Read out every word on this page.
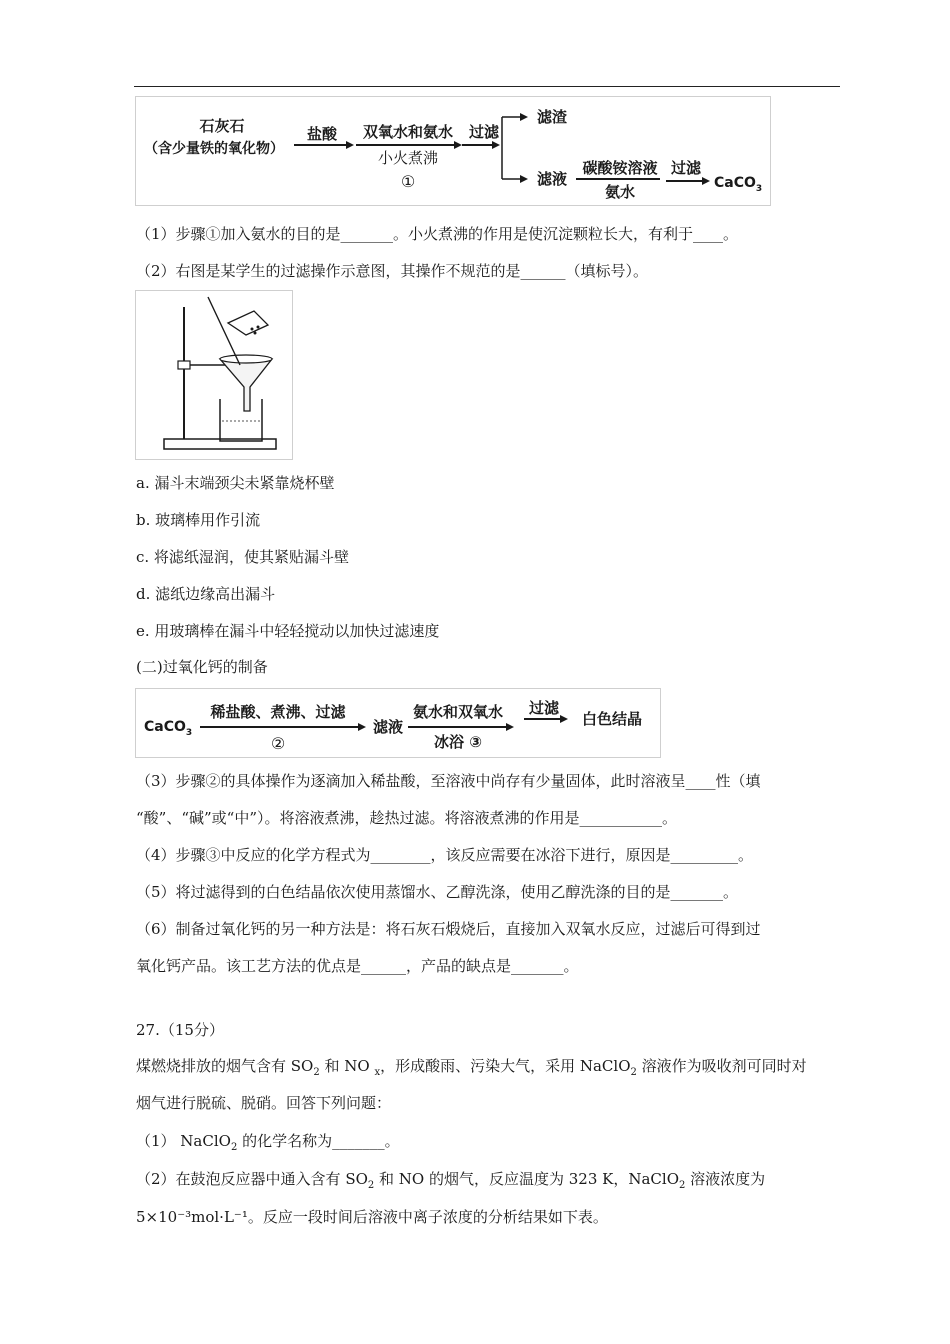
石灰石
（含少量铁的氧化物）
盐酸 双氧水和氨水
小火煮沸
①
过滤
滤渣
滤液
碳酸铵溶液
氨水
过滤
CaCO$_3$
（1）步骤①加入氨水的目的是_______。小火煮沸的作用是使沉淀颗粒长大，有利于____。
（2）右图是某学生的过滤操作示意图，其操作不规范的是______（填标号）。
a. 漏斗末端颈尖未紧靠烧杯壁
b. 玻璃棒用作引流
c. 将滤纸湿润，使其紧贴漏斗壁
d. 滤纸边缘高出漏斗
e. 用玻璃棒在漏斗中轻轻搅动以加快过滤速度
(二)过氧化钙的制备
CaCO$_3$
稀盐酸、煮沸、过滤
②
滤液
氨水和双氧水
冰浴 ③
过滤
白色结晶
（3）步骤②的具体操作为逐滴加入稀盐酸，至溶液中尚存有少量固体，此时溶液呈____性（填
“酸”、“碱”或“中”）。将溶液煮沸，趁热过滤。将溶液煮沸的作用是___________。
（4）步骤③中反应的化学方程式为________，该反应需要在冰浴下进行，原因是_________。
（5）将过滤得到的白色结晶依次使用蒸馏水、乙醇洗涤，使用乙醇洗涤的目的是_______。
（6）制备过氧化钙的另一种方法是：将石灰石煅烧后，直接加入双氧水反应，过滤后可得到过
氧化钙产品。该工艺方法的优点是______，产品的缺点是_______。
27.（15分）
煤燃烧排放的烟气含有 $SO_2$ 和 NO $_x$，形成酸雨、污染大气，采用 NaClO$_2$ 溶液作为吸收剂可同时对
烟气进行脱硫、脱硝。回答下列问题：
（1） NaClO$_2$ 的化学名称为_______。
（2）在鼓泡反应器中通入含有 $SO_2$ 和 NO 的烟气，反应温度为 323 K，NaClO$_2$ 溶液浓度为
5×10⁻³mol·L⁻¹。反应一段时间后溶液中离子浓度的分析结果如下表。
